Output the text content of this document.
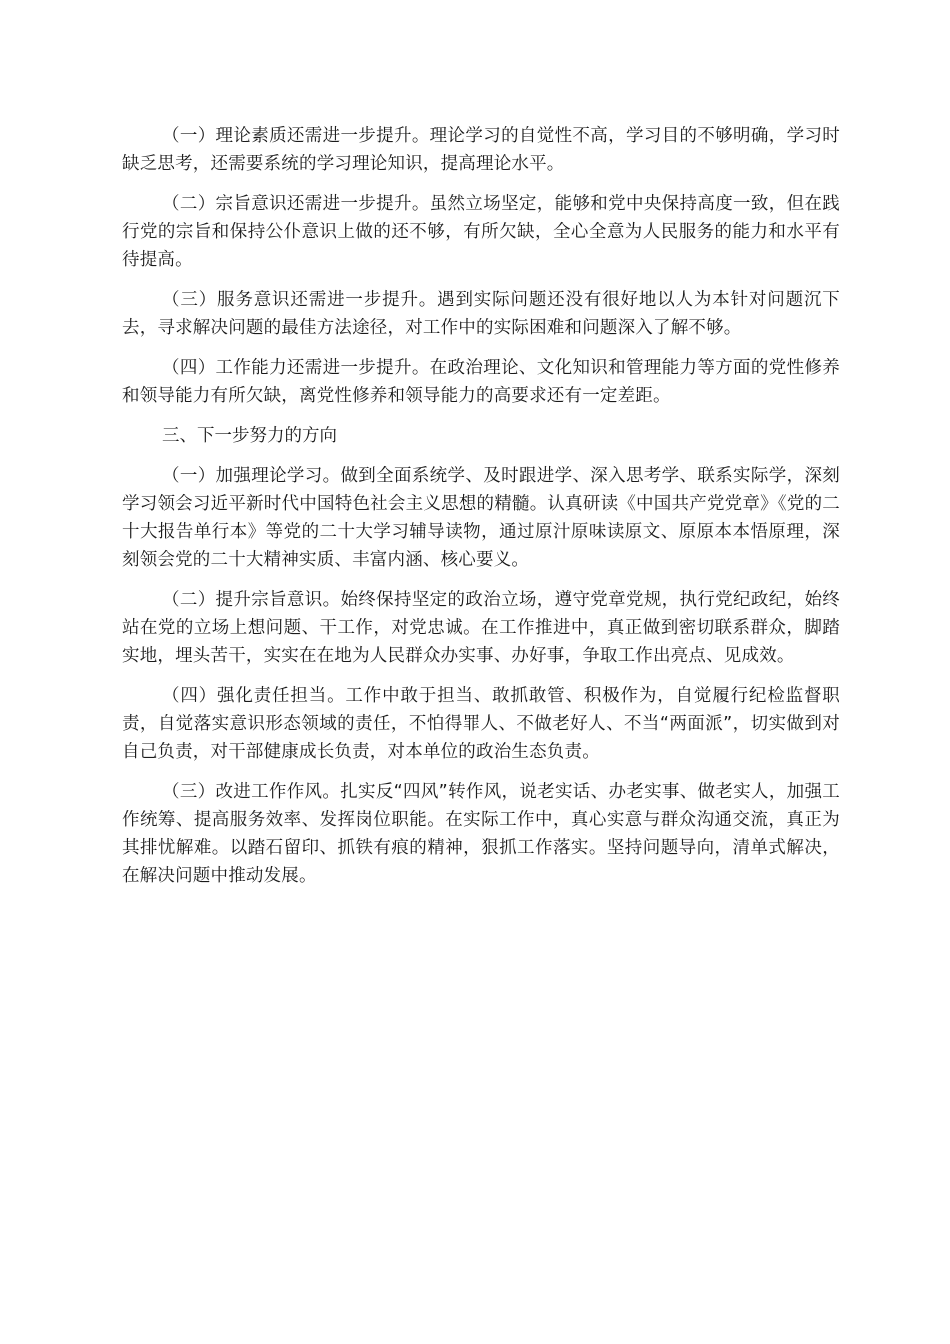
（一）理论素质还需进一步提升。理论学习的自觉性不高，学习目的不够明确，学习时缺乏思考，还需要系统的学习理论知识，提高理论水平。

（二）宗旨意识还需进一步提升。虽然立场坚定，能够和党中央保持高度一致，但在践行党的宗旨和保持公仆意识上做的还不够，有所欠缺，全心全意为人民服务的能力和水平有待提高。

（三）服务意识还需进一步提升。遇到实际问题还没有很好地以人为本针对问题沉下去，寻求解决问题的最佳方法途径，对工作中的实际困难和问题深入了解不够。

（四）工作能力还需进一步提升。在政治理论、文化知识和管理能力等方面的党性修养和领导能力有所欠缺，离党性修养和领导能力的高要求还有一定差距。

三、下一步努力的方向

（一）加强理论学习。做到全面系统学、及时跟进学、深入思考学、联系实际学，深刻学习领会习近平新时代中国特色社会主义思想的精髓。认真研读《中国共产党党章》《党的二十大报告单行本》等党的二十大学习辅导读物，通过原汁原味读原文、原原本本悟原理，深刻领会党的二十大精神实质、丰富内涵、核心要义。

（二）提升宗旨意识。始终保持坚定的政治立场，遵守党章党规，执行党纪政纪，始终站在党的立场上想问题、干工作，对党忠诚。在工作推进中，真正做到密切联系群众，脚踏实地，埋头苦干，实实在在地为人民群众办实事、办好事，争取工作出亮点、见成效。

（四）强化责任担当。工作中敢于担当、敢抓敢管、积极作为，自觉履行纪检监督职责，自觉落实意识形态领域的责任，不怕得罪人、不做老好人、不当“两面派”，切实做到对自己负责，对干部健康成长负责，对本单位的政治生态负责。

（三）改进工作作风。扎实反“四风”转作风，说老实话、办老实事、做老实人，加强工作统筹、提高服务效率、发挥岗位职能。在实际工作中，真心实意与群众沟通交流，真正为其排忧解难。以踏石留印、抓铁有痕的精神，狠抓工作落实。坚持问题导向，清单式解决，在解决问题中推动发展。
